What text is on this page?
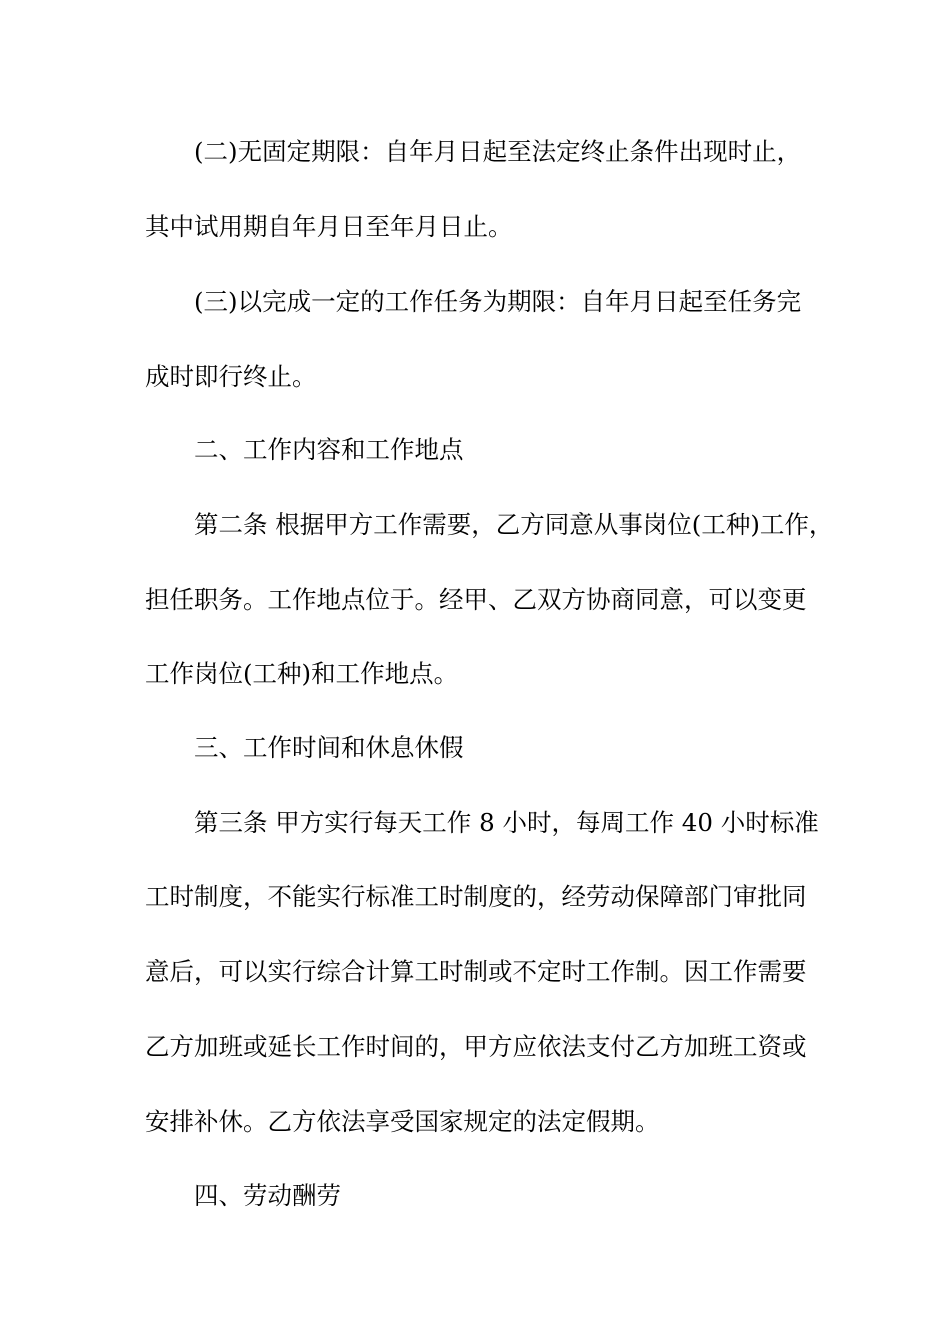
(二)无固定期限：自年月日起至法定终止条件出现时止，
其中试用期自年月日至年月日止。
(三)以完成一定的工作任务为期限：自年月日起至任务完
成时即行终止。
二、工作内容和工作地点
第二条 根据甲方工作需要，乙方同意从事岗位(工种)工作，
担任职务。工作地点位于。经甲、乙双方协商同意，可以变更
工作岗位(工种)和工作地点。
三、工作时间和休息休假
第三条 甲方实行每天工作 8 小时，每周工作 40 小时标准
工时制度，不能实行标准工时制度的，经劳动保障部门审批同
意后，可以实行综合计算工时制或不定时工作制。因工作需要
乙方加班或延长工作时间的，甲方应依法支付乙方加班工资或
安排补休。乙方依法享受国家规定的法定假期。
四、劳动酬劳
